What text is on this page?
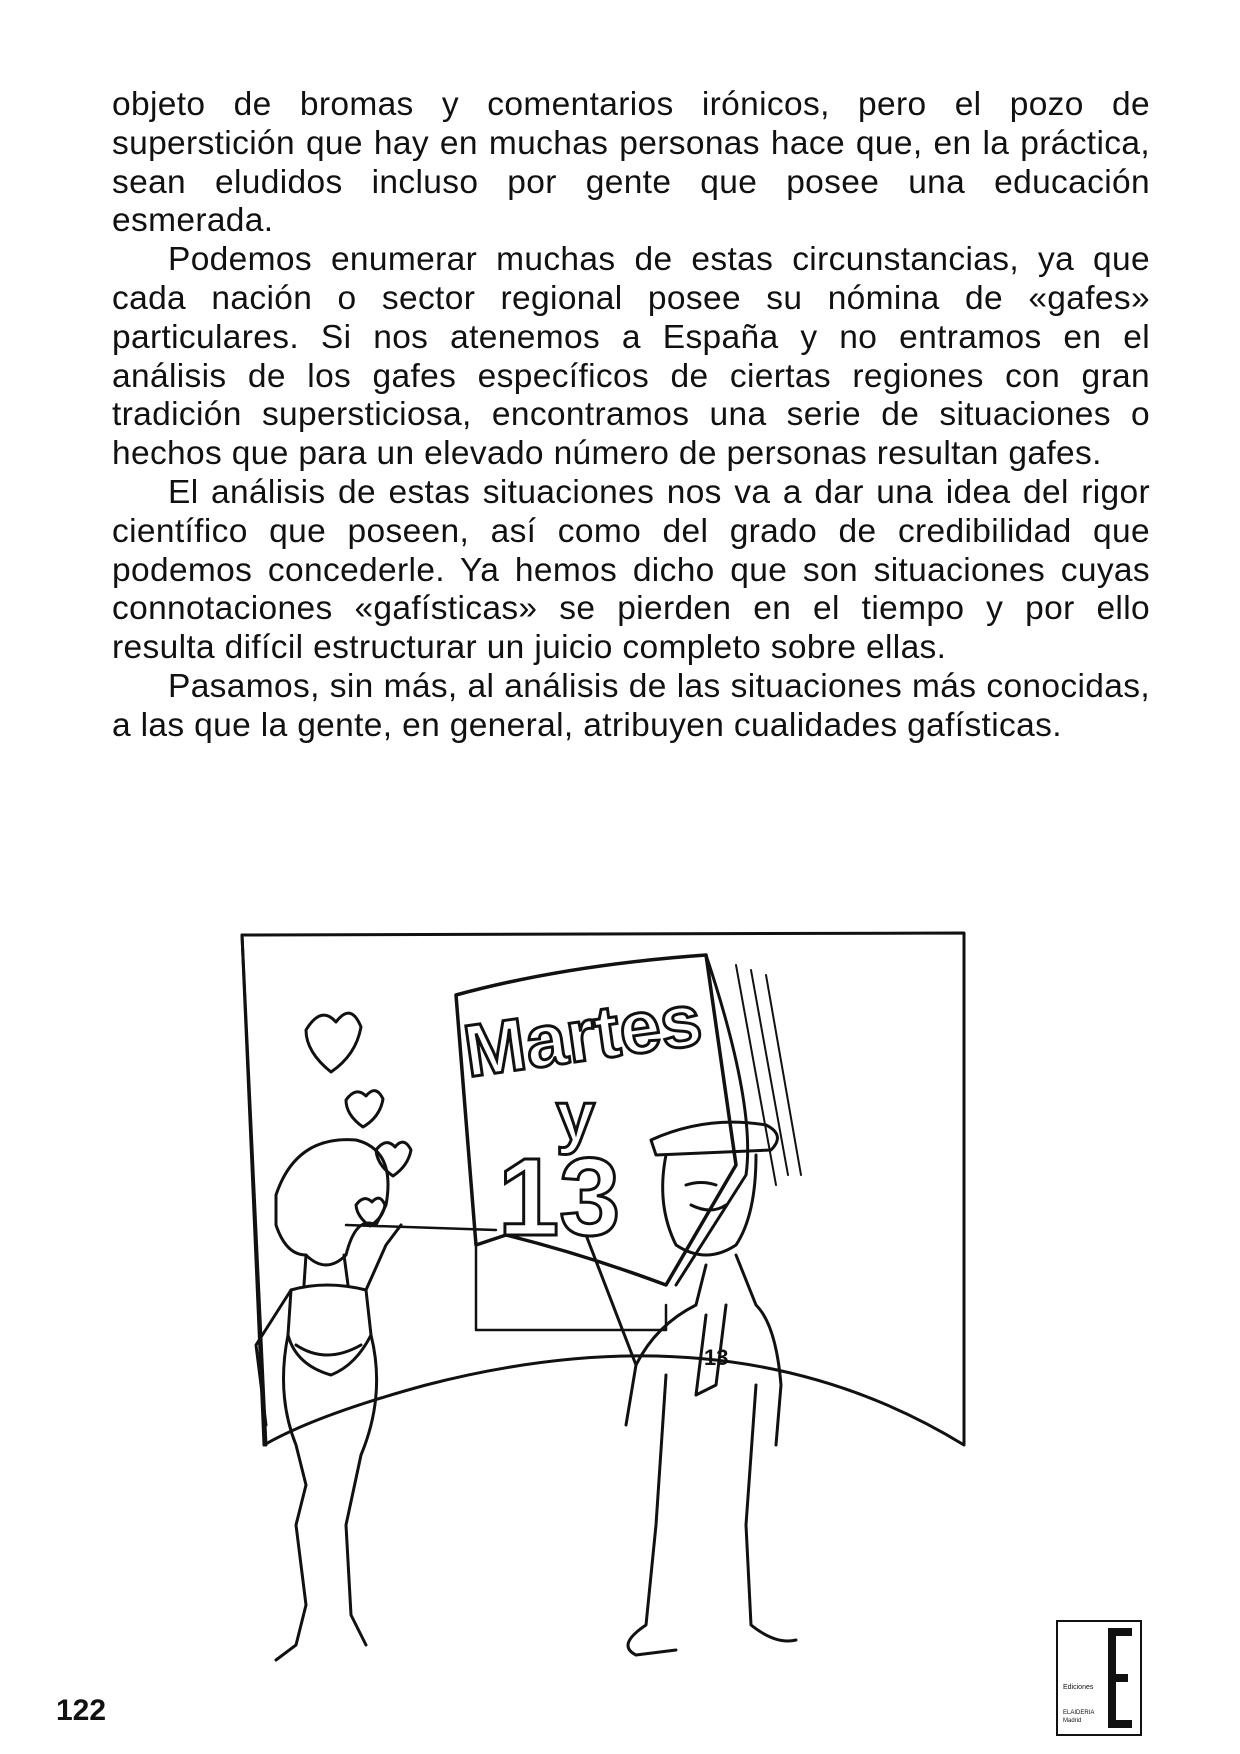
objeto de bromas y comentarios irónicos, pero el pozo de superstición que hay en muchas personas hace que, en la práctica, sean eludidos incluso por gente que posee una educación esmerada.

Podemos enumerar muchas de estas circunstancias, ya que cada nación o sector regional posee su nómina de «gafes» particulares. Si nos atenemos a España y no entramos en el análisis de los gafes específicos de ciertas regiones con gran tradición supersticiosa, encontramos una serie de situaciones o hechos que para un elevado número de personas resultan gafes.

El análisis de estas situaciones nos va a dar una idea del rigor científico que poseen, así como del grado de credibilidad que podemos concederle. Ya hemos dicho que son situaciones cuyas connotaciones «gafísticas» se pierden en el tiempo y por ello resulta difícil estructurar un juicio completo sobre ellas.

Pasamos, sin más, al análisis de las situaciones más conocidas, a las que la gente, en general, atribuyen cualidades gafísticas.

Martes
y
13
13
122
Ediciones
ELAIDERIA
Madrid
